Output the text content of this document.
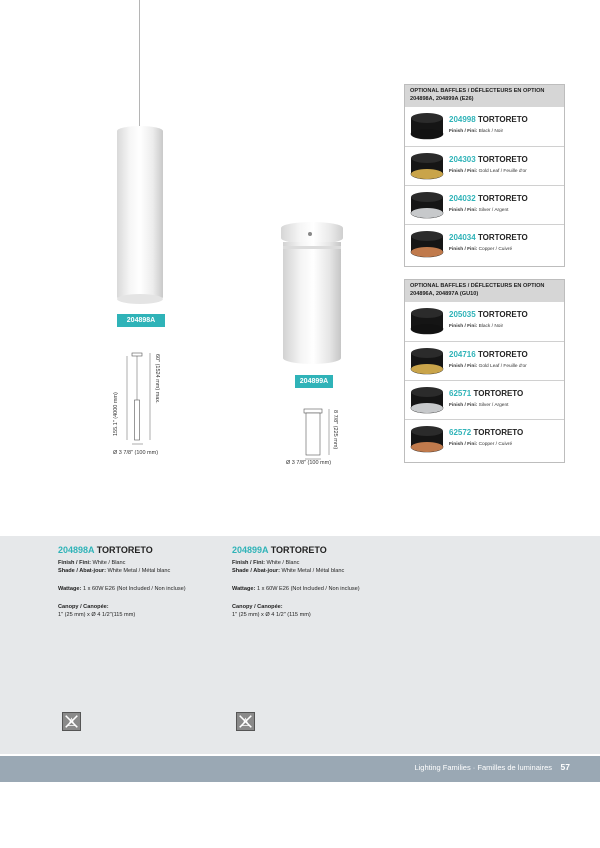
204898A
155.1" (4000 mm)
60" (1524 mm) max.
Ø 3 7/8" (100 mm)
204899A
8 7/8" (225 mm)
Ø 3 7/8" (100 mm)
OPTIONAL BAFFLES / DÉFLECTEURS EN OPTION
204898A, 204899A (E26)
204998 TORTORETO
Finish / Fini: Black / Noir
204303 TORTORETO
Finish / Fini: Gold Leaf / Feuille d'or
204032 TORTORETO
Finish / Fini: Silver / Argent
204034 TORTORETO
Finish / Fini: Copper / Cuivré
OPTIONAL BAFFLES / DÉFLECTEURS EN OPTION
204896A, 204897A (GU10)
205035 TORTORETO
Finish / Fini: Black / Noir
204716 TORTORETO
Finish / Fini: Gold Leaf / Feuille d'or
62571 TORTORETO
Finish / Fini: Silver / Argent
62572 TORTORETO
Finish / Fini: Copper / Cuivré
204898A TORTORETO
Finish / Fini: White / Blanc
Shade / Abat-jour: White Metal / Métal blanc
Wattage: 1 x 60W E26 (Not Included / Non incluse)
Canopy / Canopée:
1" (25 mm) x Ø 4 1/2"(115 mm)
204899A TORTORETO
Finish / Fini: White / Blanc
Shade / Abat-jour: White Metal / Métal blanc
Wattage: 1 x 60W E26 (Not Included / Non incluse)
Canopy / Canopée:
1" (25 mm) x Ø 4 1/2" (115 mm)
Lighting Families · Familles de luminaires 57
